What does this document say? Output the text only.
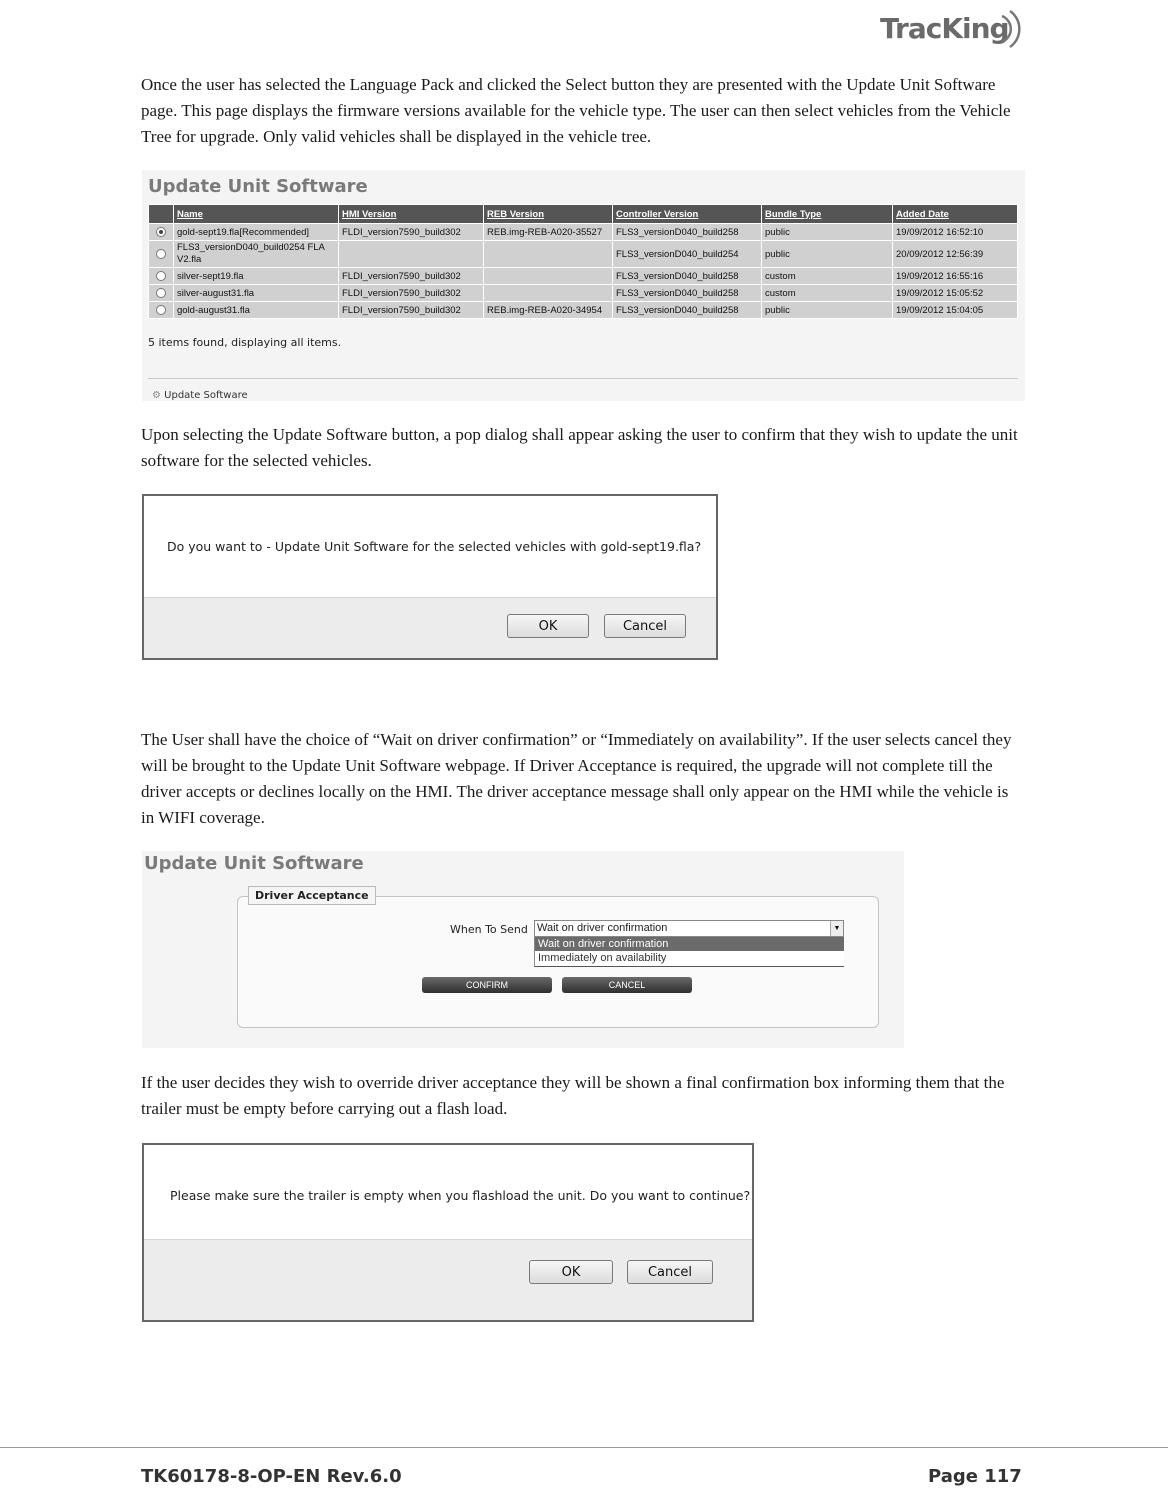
TracKing
Once the user has selected the Language Pack and clicked the Select button they are presented with the Update Unit Software page. This page displays the firmware versions available for the vehicle type. The user can then select vehicles from the Vehicle Tree for upgrade. Only valid vehicles shall be displayed in the vehicle tree.
Update Unit Software
	Name	HMI Version	REB Version	Controller Version	Bundle Type	Added Date
	gold-sept19.fla[Recommended]	FLDI_version7590_build302	REB.img-REB-A020-35527	FLS3_versionD040_build258	public	19/09/2012 16:52:10
	FLS3_versionD040_build0254 FLA V2.fla			FLS3_versionD040_build254	public	20/09/2012 12:56:39
	silver-sept19.fla	FLDI_version7590_build302		FLS3_versionD040_build258	custom	19/09/2012 16:55:16
	silver-august31.fla	FLDI_version7590_build302		FLS3_versionD040_build258	custom	19/09/2012 15:05:52
	gold-august31.fla	FLDI_version7590_build302	REB.img-REB-A020-34954	FLS3_versionD040_build258	public	19/09/2012 15:04:05
5 items found, displaying all items.
⚙ Update Software
Upon selecting the Update Software button, a pop dialog shall appear asking the user to confirm that they wish to update the unit software for the selected vehicles.
Do you want to - Update Unit Software for the selected vehicles with gold-sept19.fla?
OK	Cancel
The User shall have the choice of “Wait on driver confirmation” or “Immediately on availability”. If the user selects cancel they will be brought to the Update Unit Software webpage. If Driver Acceptance is required, the upgrade will not complete till the driver accepts or declines locally on the HMI. The driver acceptance message shall only appear on the HMI while the vehicle is in WIFI coverage.
Update Unit Software
Driver Acceptance
When To Send Wait on driver confirmation	▼
Wait on driver confirmation
Immediately on availability
CONFIRM	CANCEL
If the user decides they wish to override driver acceptance they will be shown a final confirmation box informing them that the trailer must be empty before carrying out a flash load.
Please make sure the trailer is empty when you flashload the unit. Do you want to continue?
OK	Cancel
TK60178-8-OP-EN Rev.6.0	Page 117
